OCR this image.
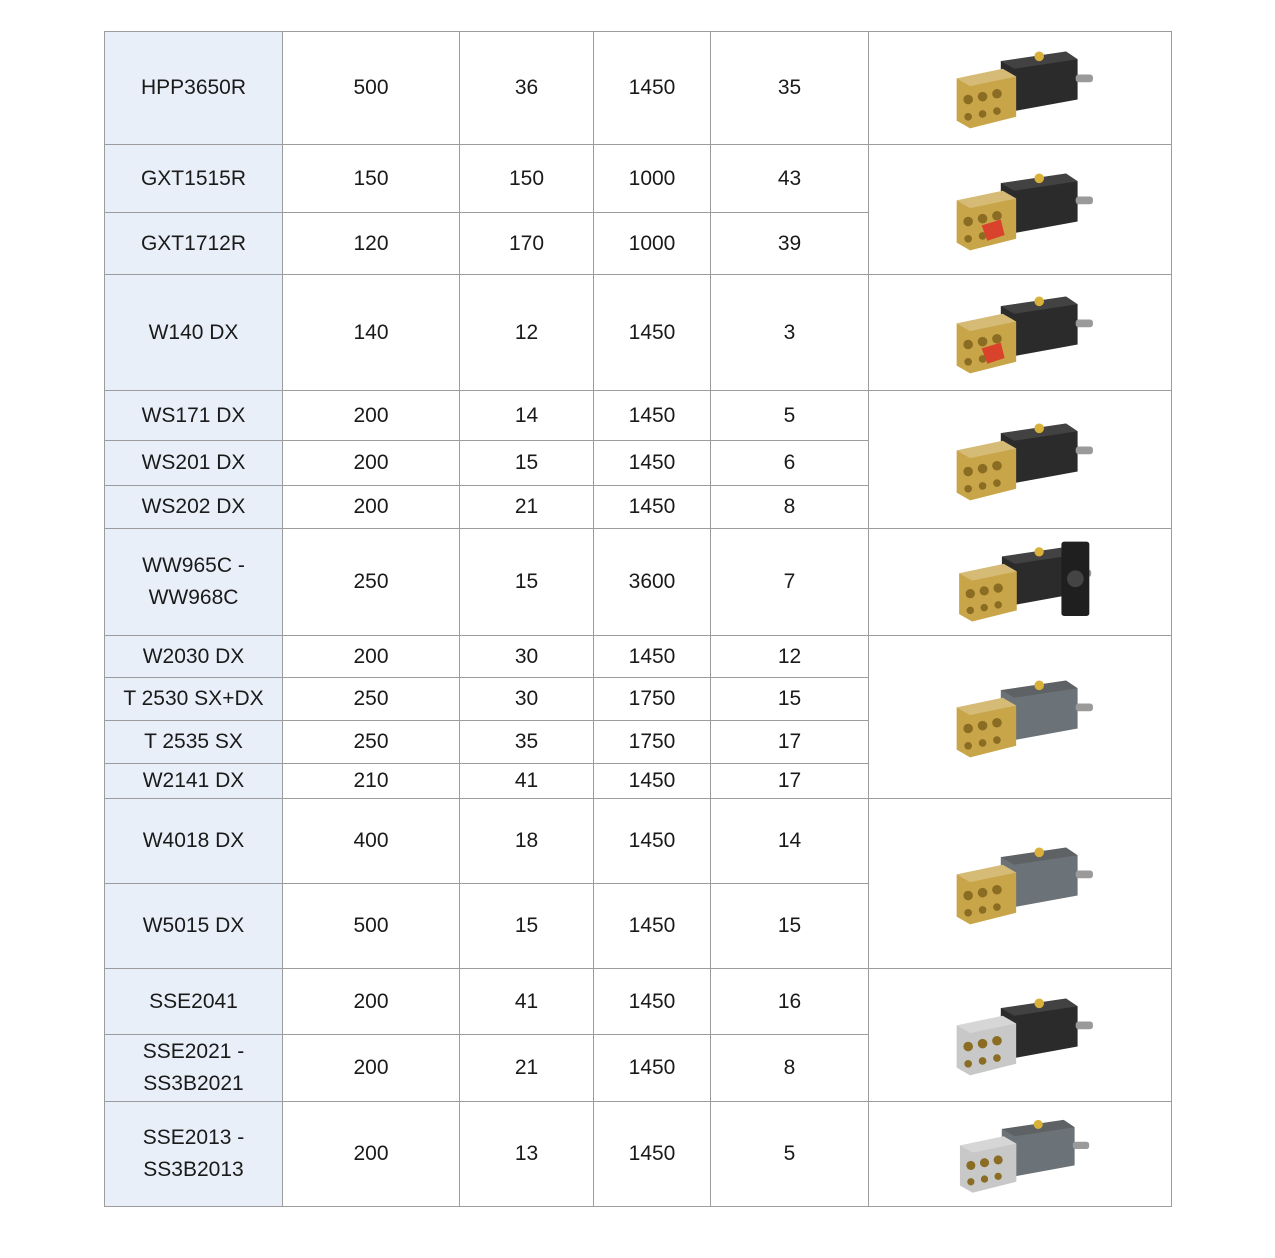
HPP3650R	500	36	1450	35	

GXT1515R	150	150	1000	43	

GXT1712R	120	170	1000	39	

W140 DX	140	12	1450	3	

WS171 DX	200	14	1450	5	

WS201 DX	200	15	1450	6	

WS202 DX	200	21	1450	8	

WW965C -
WW968C	250	15	3600	7	

W2030 DX	200	30	1450	12	

T 2530 SX+DX	250	30	1750	15	

T 2535 SX	250	35	1750	17	

W2141 DX	210	41	1450	17	

W4018 DX	400	18	1450	14	

W5015 DX	500	15	1450	15	

SSE2041	200	41	1450	16	

SSE2021 -
SS3B2021	200	21	1450	8	

SSE2013 -
SS3B2013	200	13	1450	5	
